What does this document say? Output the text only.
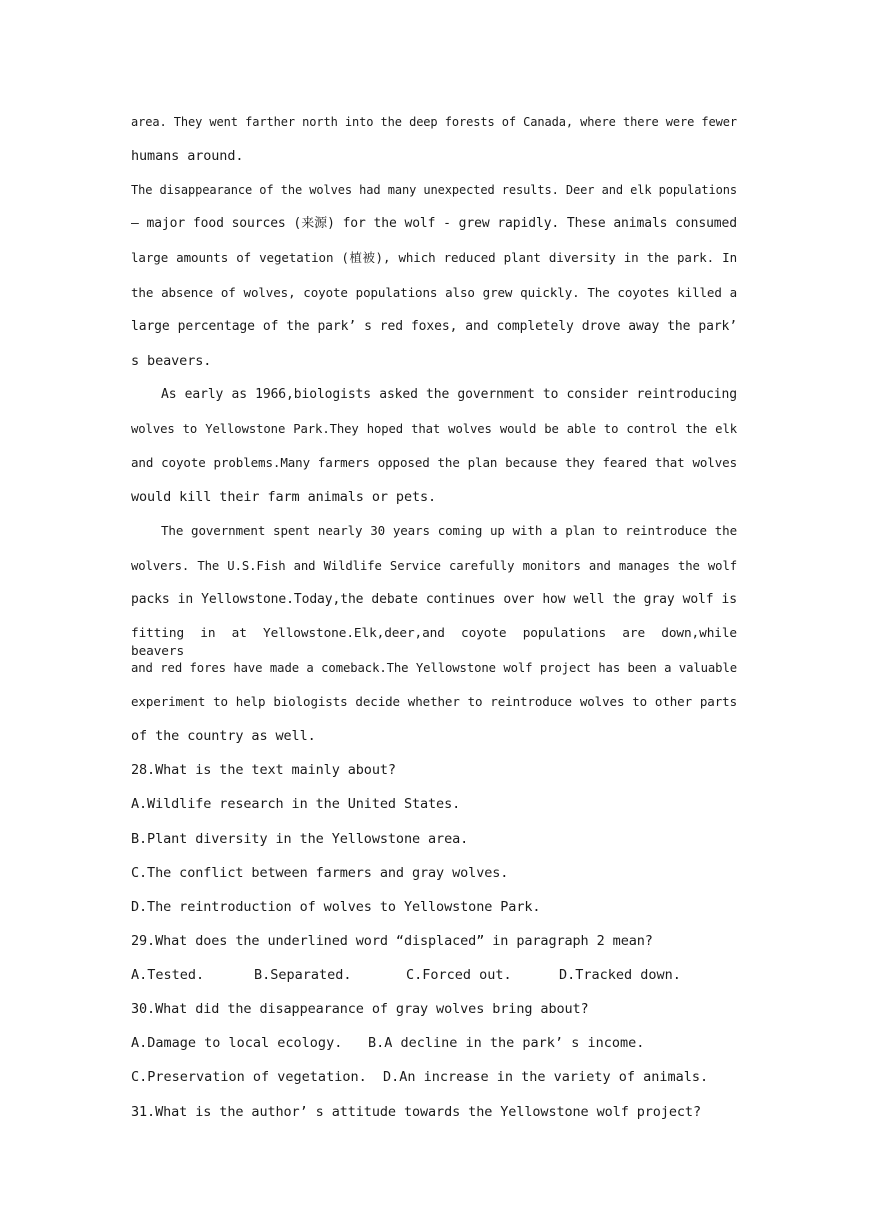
area. They went farther north into the deep forests of Canada, where there were fewer
humans around.
The disappearance of the wolves had many unexpected results. Deer and elk populations
— major food sources (来源) for the wolf - grew rapidly. These animals consumed
large amounts of vegetation (植被), which reduced plant diversity in the park. In
the absence of wolves, coyote populations also grew quickly. The coyotes killed a
large percentage of the park’ s red foxes, and completely drove away the park’
s beavers.
As early as 1966,biologists asked the government to consider reintroducing
wolves to Yellowstone Park.They hoped that wolves would be able to control the elk
and coyote problems.Many farmers opposed the plan because they feared that wolves
would kill their farm animals or pets.
The government spent nearly 30 years coming up with a plan to reintroduce the
wolvers. The U.S.Fish and Wildlife Service carefully monitors and manages the wolf
packs in Yellowstone.Today,the debate continues over how well the gray wolf is
fitting in at Yellowstone.Elk,deer,and coyote populations are down,while beavers
and red fores have made a comeback.The Yellowstone wolf project has been a valuable
experiment to help biologists decide whether to reintroduce wolves to other parts
of the country as well.
28.What is the text mainly about?
A.Wildlife research in the United States.
B.Plant diversity in the Yellowstone area.
C.The conflict between farmers and gray wolves.
D.The reintroduction of wolves to Yellowstone Park.
29.What does the underlined word “displaced” in paragraph 2 mean?
A.Tested.	B.Separated.	C.Forced out.	D.Tracked down.
30.What did the disappearance of gray wolves bring about?
A.Damage to local ecology. B.A decline in the park’ s income.
C.Preservation of vegetation. D.An increase in the variety of animals.
31.What is the author’ s attitude towards the Yellowstone wolf project?
